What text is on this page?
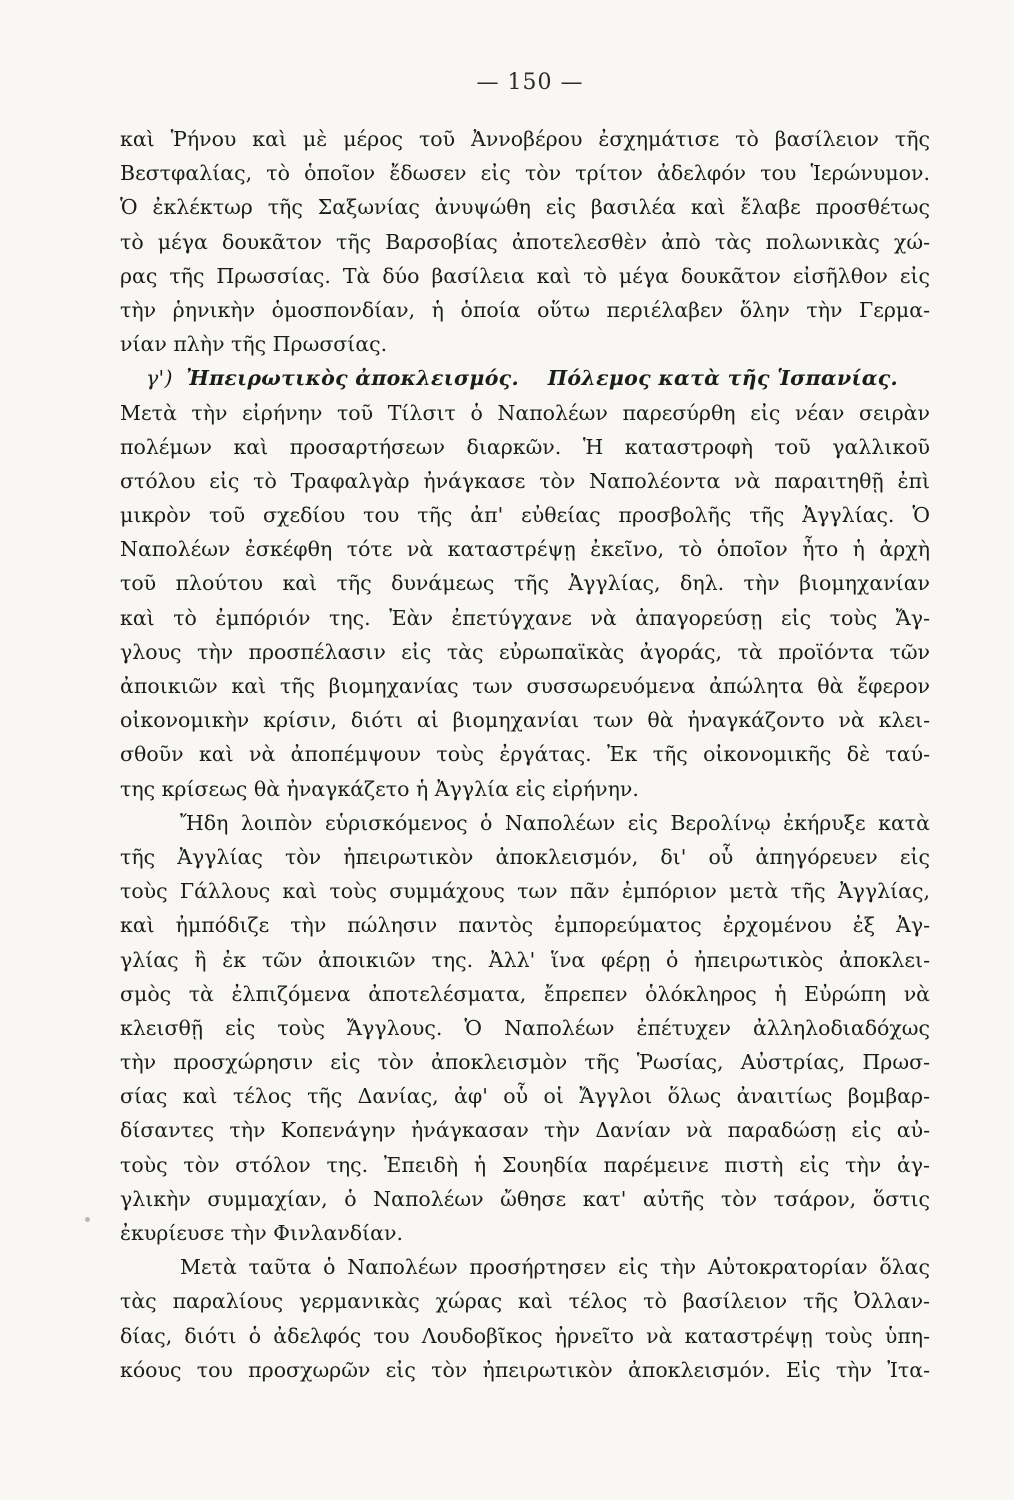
— 150 —
καὶ Ῥήνου καὶ μὲ μέρος τοῦ Ἀννοβέρου ἐσχημάτισε τὸ βασίλειον τῆς
Βεστφαλίας, τὸ ὁποῖον ἔδωσεν εἰς τὸν τρίτον ἀδελφόν του Ἱερώνυμον.
Ὁ ἐκλέκτωρ τῆς Σαξωνίας ἀνυψώθη εἰς βασιλέα καὶ ἔλαβε προσθέτως
τὸ μέγα δουκᾶτον τῆς Βαρσοβίας ἀποτελεσθὲν ἀπὸ τὰς πολωνικὰς χώ-
ρας τῆς Πρωσσίας. Τὰ δύο βασίλεια καὶ τὸ μέγα δουκᾶτον εἰσῆλθον εἰς
τὴν ῥηνικὴν ὁμοσπονδίαν, ἡ ὁποία οὕτω περιέλαβεν ὅλην τὴν Γερμα-
νίαν πλὴν τῆς Πρωσσίας.
γ') Ἠπειρωτικὸς ἀποκλεισμός. Πόλεμος κατὰ τῆς Ἱσπανίας.
Μετὰ τὴν εἰρήνην τοῦ Τίλσιτ ὁ Ναπολέων παρεσύρθη εἰς νέαν σειρὰν
πολέμων καὶ προσαρτήσεων διαρκῶν. Ἡ καταστροφὴ τοῦ γαλλικοῦ
στόλου εἰς τὸ Τραφαλγὰρ ἠνάγκασε τὸν Ναπολέοντα νὰ παραιτηθῇ ἐπὶ
μικρὸν τοῦ σχεδίου του τῆς ἀπ' εὐθείας προσβολῆς τῆς Ἀγγλίας. Ὁ
Ναπολέων ἐσκέφθη τότε νὰ καταστρέψῃ ἐκεῖνο, τὸ ὁποῖον ἦτο ἡ ἀρχὴ
τοῦ πλούτου καὶ τῆς δυνάμεως τῆς Ἀγγλίας, δηλ. τὴν βιομηχανίαν
καὶ τὸ ἐμπόριόν της. Ἐὰν ἐπετύγχανε νὰ ἀπαγορεύσῃ εἰς τοὺς Ἄγ-
γλους τὴν προσπέλασιν εἰς τὰς εὐρωπαϊκὰς ἀγοράς, τὰ προϊόντα τῶν
ἀποικιῶν καὶ τῆς βιομηχανίας των συσσωρευόμενα ἀπώλητα θὰ ἔφερον
οἰκονομικὴν κρίσιν, διότι αἱ βιομηχανίαι των θὰ ἠναγκάζοντο νὰ κλει-
σθοῦν καὶ νὰ ἀποπέμψουν τοὺς ἐργάτας. Ἐκ τῆς οἰκονομικῆς δὲ ταύ-
της κρίσεως θὰ ἠναγκάζετο ἡ Ἀγγλία εἰς εἰρήνην.
Ἤδη λοιπὸν εὑρισκόμενος ὁ Ναπολέων εἰς Βερολίνῳ ἐκήρυξε κατὰ
τῆς Ἀγγλίας τὸν ἠπειρωτικὸν ἀποκλεισμόν, δι' οὗ ἀπηγόρευεν εἰς
τοὺς Γάλλους καὶ τοὺς συμμάχους των πᾶν ἐμπόριον μετὰ τῆς Ἀγγλίας,
καὶ ἠμπόδιζε τὴν πώλησιν παντὸς ἐμπορεύματος ἐρχομένου ἐξ Ἀγ-
γλίας ἢ ἐκ τῶν ἀποικιῶν της. Ἀλλ' ἵνα φέρῃ ὁ ἠπειρωτικὸς ἀποκλει-
σμὸς τὰ ἐλπιζόμενα ἀποτελέσματα, ἔπρεπεν ὁλόκληρος ἡ Εὐρώπη νὰ
κλεισθῇ εἰς τοὺς Ἄγγλους. Ὁ Ναπολέων ἐπέτυχεν ἀλληλοδιαδόχως
τὴν προσχώρησιν εἰς τὸν ἀποκλεισμὸν τῆς Ῥωσίας, Αὐστρίας, Πρωσ-
σίας καὶ τέλος τῆς Δανίας, ἀφ' οὗ οἱ Ἄγγλοι ὅλως ἀναιτίως βομβαρ-
δίσαντες τὴν Κοπενάγην ἠνάγκασαν τὴν Δανίαν νὰ παραδώσῃ εἰς αὐ-
τοὺς τὸν στόλον της. Ἐπειδὴ ἡ Σουηδία παρέμεινε πιστὴ εἰς τὴν ἀγ-
γλικὴν συμμαχίαν, ὁ Ναπολέων ὤθησε κατ' αὐτῆς τὸν τσάρον, ὅστις
ἐκυρίευσε τὴν Φινλανδίαν.
Μετὰ ταῦτα ὁ Ναπολέων προσήρτησεν εἰς τὴν Αὐτοκρατορίαν ὅλας
τὰς παραλίους γερμανικὰς χώρας καὶ τέλος τὸ βασίλειον τῆς Ὀλλαν-
δίας, διότι ὁ ἀδελφός του Λουδοβῖκος ἠρνεῖτο νὰ καταστρέψῃ τοὺς ὑπη-
κόους του προσχωρῶν εἰς τὸν ἠπειρωτικὸν ἀποκλεισμόν. Εἰς τὴν Ἰτα-
